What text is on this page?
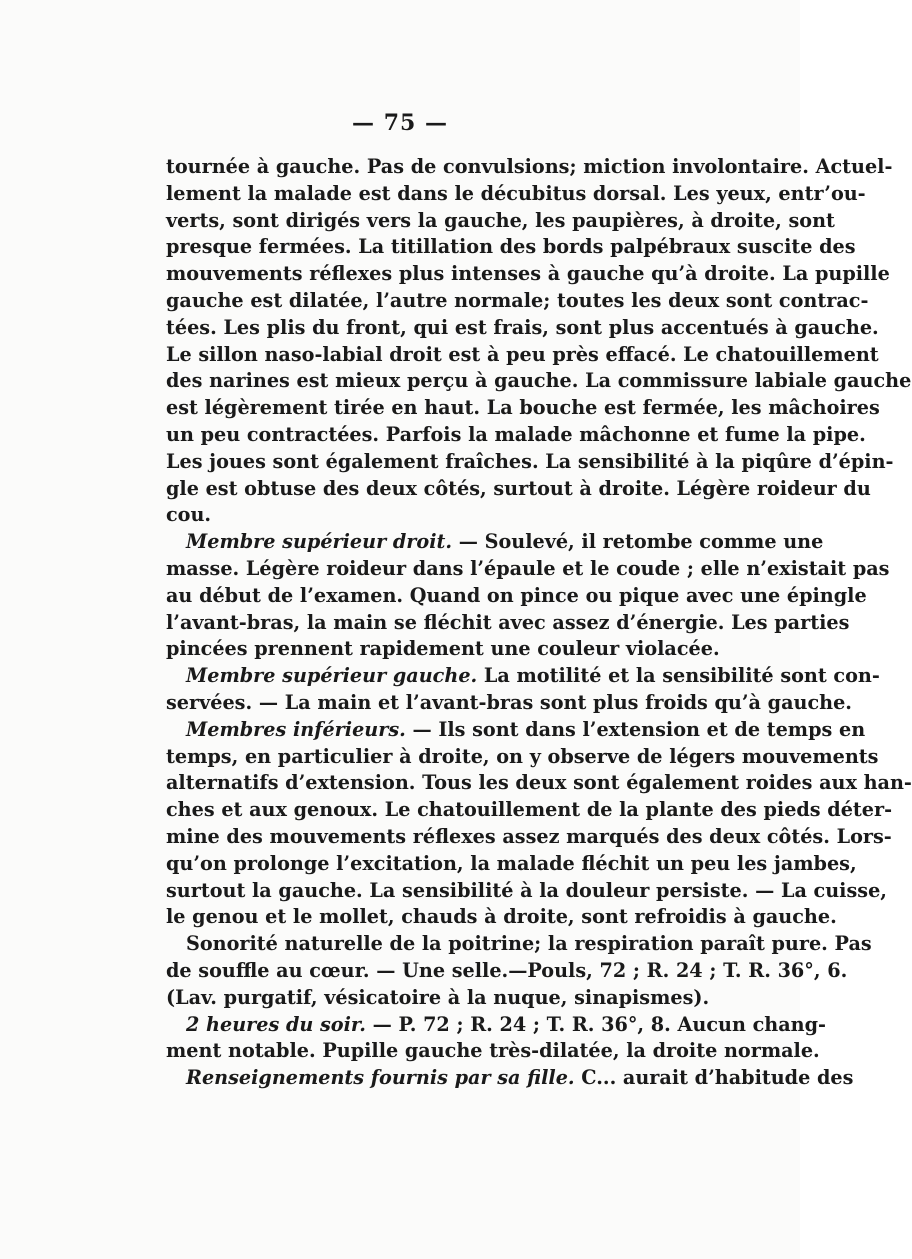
— 75 —
tournée à gauche. Pas de convulsions; miction involontaire. Actuel-
lement la malade est dans le décubitus dorsal. Les yeux, entr’ou-
verts, sont dirigés vers la gauche, les paupières, à droite, sont
presque fermées. La titillation des bords palpébraux suscite des
mouvements réflexes plus intenses à gauche qu’à droite. La pupille
gauche est dilatée, l’autre normale; toutes les deux sont contrac-
tées. Les plis du front, qui est frais, sont plus accentués à gauche.
Le sillon naso-labial droit est à peu près effacé. Le chatouillement
des narines est mieux perçu à gauche. La commissure labiale gauche
est légèrement tirée en haut. La bouche est fermée, les mâchoires
un peu contractées. Parfois la malade mâchonne et fume la pipe.
Les joues sont également fraîches. La sensibilité à la piqûre d’épin-
gle est obtuse des deux côtés, surtout à droite. Légère roideur du
cou.
Membre supérieur droit. — Soulevé, il retombe comme une
masse. Légère roideur dans l’épaule et le coude ; elle n’existait pas
au début de l’examen. Quand on pince ou pique avec une épingle
l’avant-bras, la main se fléchit avec assez d’énergie. Les parties
pincées prennent rapidement une couleur violacée.
Membre supérieur gauche. La motilité et la sensibilité sont con-
servées. — La main et l’avant-bras sont plus froids qu’à gauche.
Membres inférieurs. — Ils sont dans l’extension et de temps en
temps, en particulier à droite, on y observe de légers mouvements
alternatifs d’extension. Tous les deux sont également roides aux han-
ches et aux genoux. Le chatouillement de la plante des pieds déter-
mine des mouvements réflexes assez marqués des deux côtés. Lors-
qu’on prolonge l’excitation, la malade fléchit un peu les jambes,
surtout la gauche. La sensibilité à la douleur persiste. — La cuisse,
le genou et le mollet, chauds à droite, sont refroidis à gauche.
Sonorité naturelle de la poitrine; la respiration paraît pure. Pas
de souffle au cœur. — Une selle.—Pouls, 72 ; R. 24 ; T. R. 36°, 6.
(Lav. purgatif, vésicatoire à la nuque, sinapismes).
2 heures du soir. — P. 72 ; R. 24 ; T. R. 36°, 8. Aucun chang-
ment notable. Pupille gauche très-dilatée, la droite normale.
Renseignements fournis par sa fille. C... aurait d’habitude des
